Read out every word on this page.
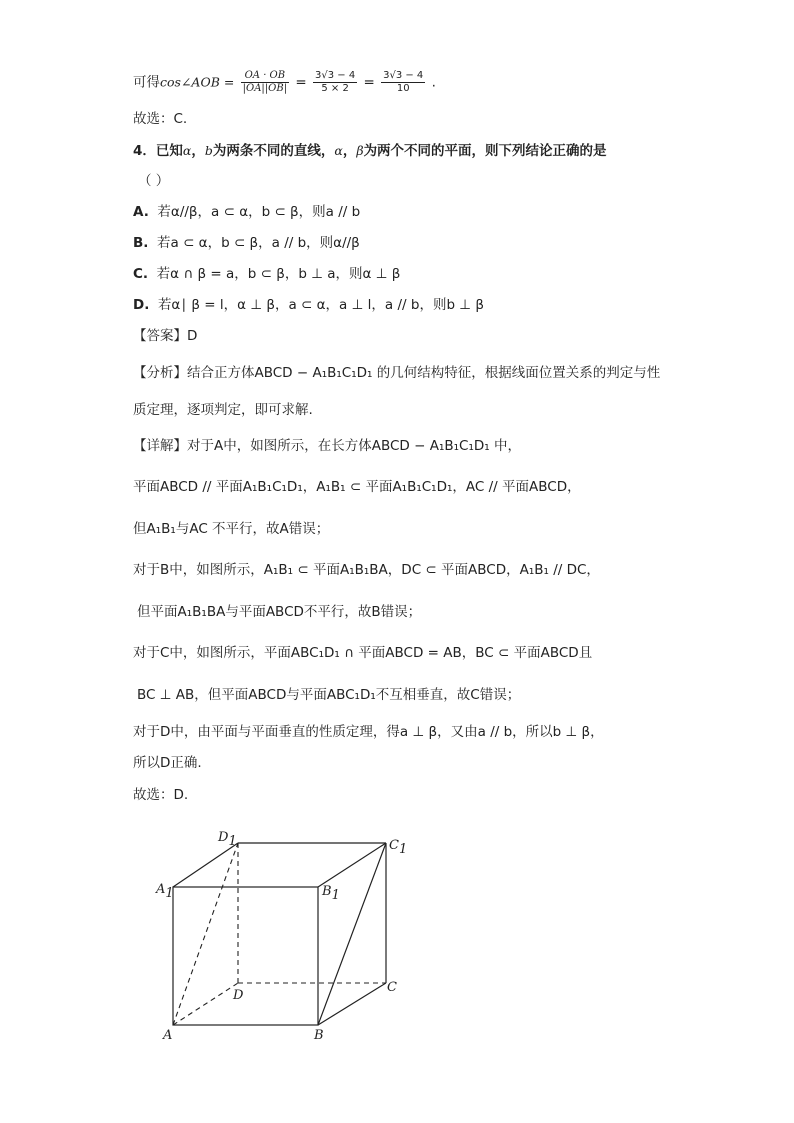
可得cos∠AOB = $\frac{OA \cdot OB}{|OA||OB|} = \frac{3√3 - 4}{5 \times 2} = \frac{3√3 - 4}{10}$ .
故选：C.
4．已知α，b为两条不同的直线，α，β为两个不同的平面，则下列结论正确的是
（ ）
A. 若α//β，a ⊂ α，b ⊂ β，则a // b
B. 若a ⊂ α，b ⊂ β，a // b，则α//β
C. 若α ∩ β = a，b ⊂ β，b ⊥ a，则α ⊥ β
D. 若α∣ β = l，α ⊥ β，a ⊂ α，a ⊥ l，a // b，则b ⊥ β
【答案】D
【分析】结合正方体ABCD − A₁B₁C₁D₁ 的几何结构特征，根据线面位置关系的判定与性
质定理，逐项判定，即可求解.
【详解】对于A中，如图所示，在长方体ABCD − A₁B₁C₁D₁ 中，
平面ABCD // 平面A₁B₁C₁D₁，A₁B₁ ⊂ 平面A₁B₁C₁D₁，AC // 平面ABCD，
但A₁B₁与AC 不平行，故A错误；
对于B中，如图所示，A₁B₁ ⊂ 平面A₁B₁BA，DC ⊂ 平面ABCD，A₁B₁ // DC，
但平面A₁B₁BA与平面ABCD不平行，故B错误；
对于C中，如图所示，平面ABC₁D₁ ∩ 平面ABCD = AB，BC ⊂ 平面ABCD且
BC ⊥ AB，但平面ABCD与平面ABC₁D₁不互相垂直，故C错误；
对于D中，由平面与平面垂直的性质定理，得a ⊥ β，又由a // b，所以b ⊥ β，
所以D正确.
故选：D.
D1	C1
A1	B1
D
C
A	B
